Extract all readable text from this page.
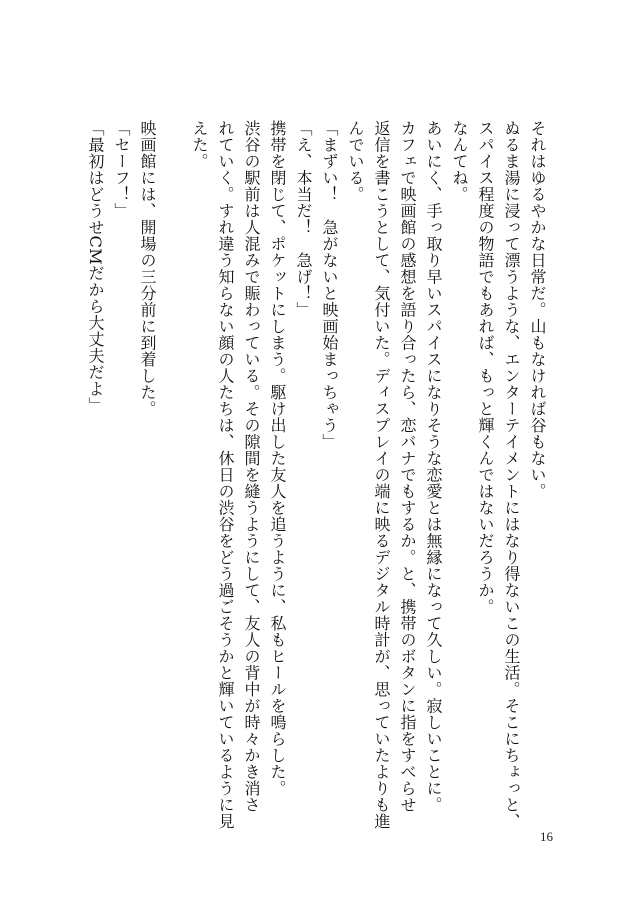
それはゆるやかな日常だ。山もなければ谷もない。
ぬるま湯に浸って漂うような、エンターテイメントにはなり得ないこの生活。そこにちょっと、
スパイス程度の物語でもあれば、もっと輝くんではないだろうか。
なんてね。
あいにく、手っ取り早いスパイスになりそうな恋愛とは無縁になって久しい。寂しいことに。
カフェで映画館の感想を語り合ったら、恋バナでもするか。と、携帯のボタンに指をすべらせ
返信を書こうとして、気付いた。ディスプレイの端に映るデジタル時計が、思っていたよりも進
んでいる。
「まずい！　急がないと映画始まっちゃう」
「え、本当だ！　急げ！」
携帯を閉じて、ポケットにしまう。駆け出した友人を追うように、私もヒールを鳴らした。
渋谷の駅前は人混みで賑わっている。その隙間を縫うようにして、友人の背中が時々かき消さ
れていく。すれ違う知らない顔の人たちは、休日の渋谷をどう過ごそうかと輝いているように見
えた。
映画館には、開場の三分前に到着した。
「セーフ！」
「最初はどうせCMだから大丈夫だよ」
16
